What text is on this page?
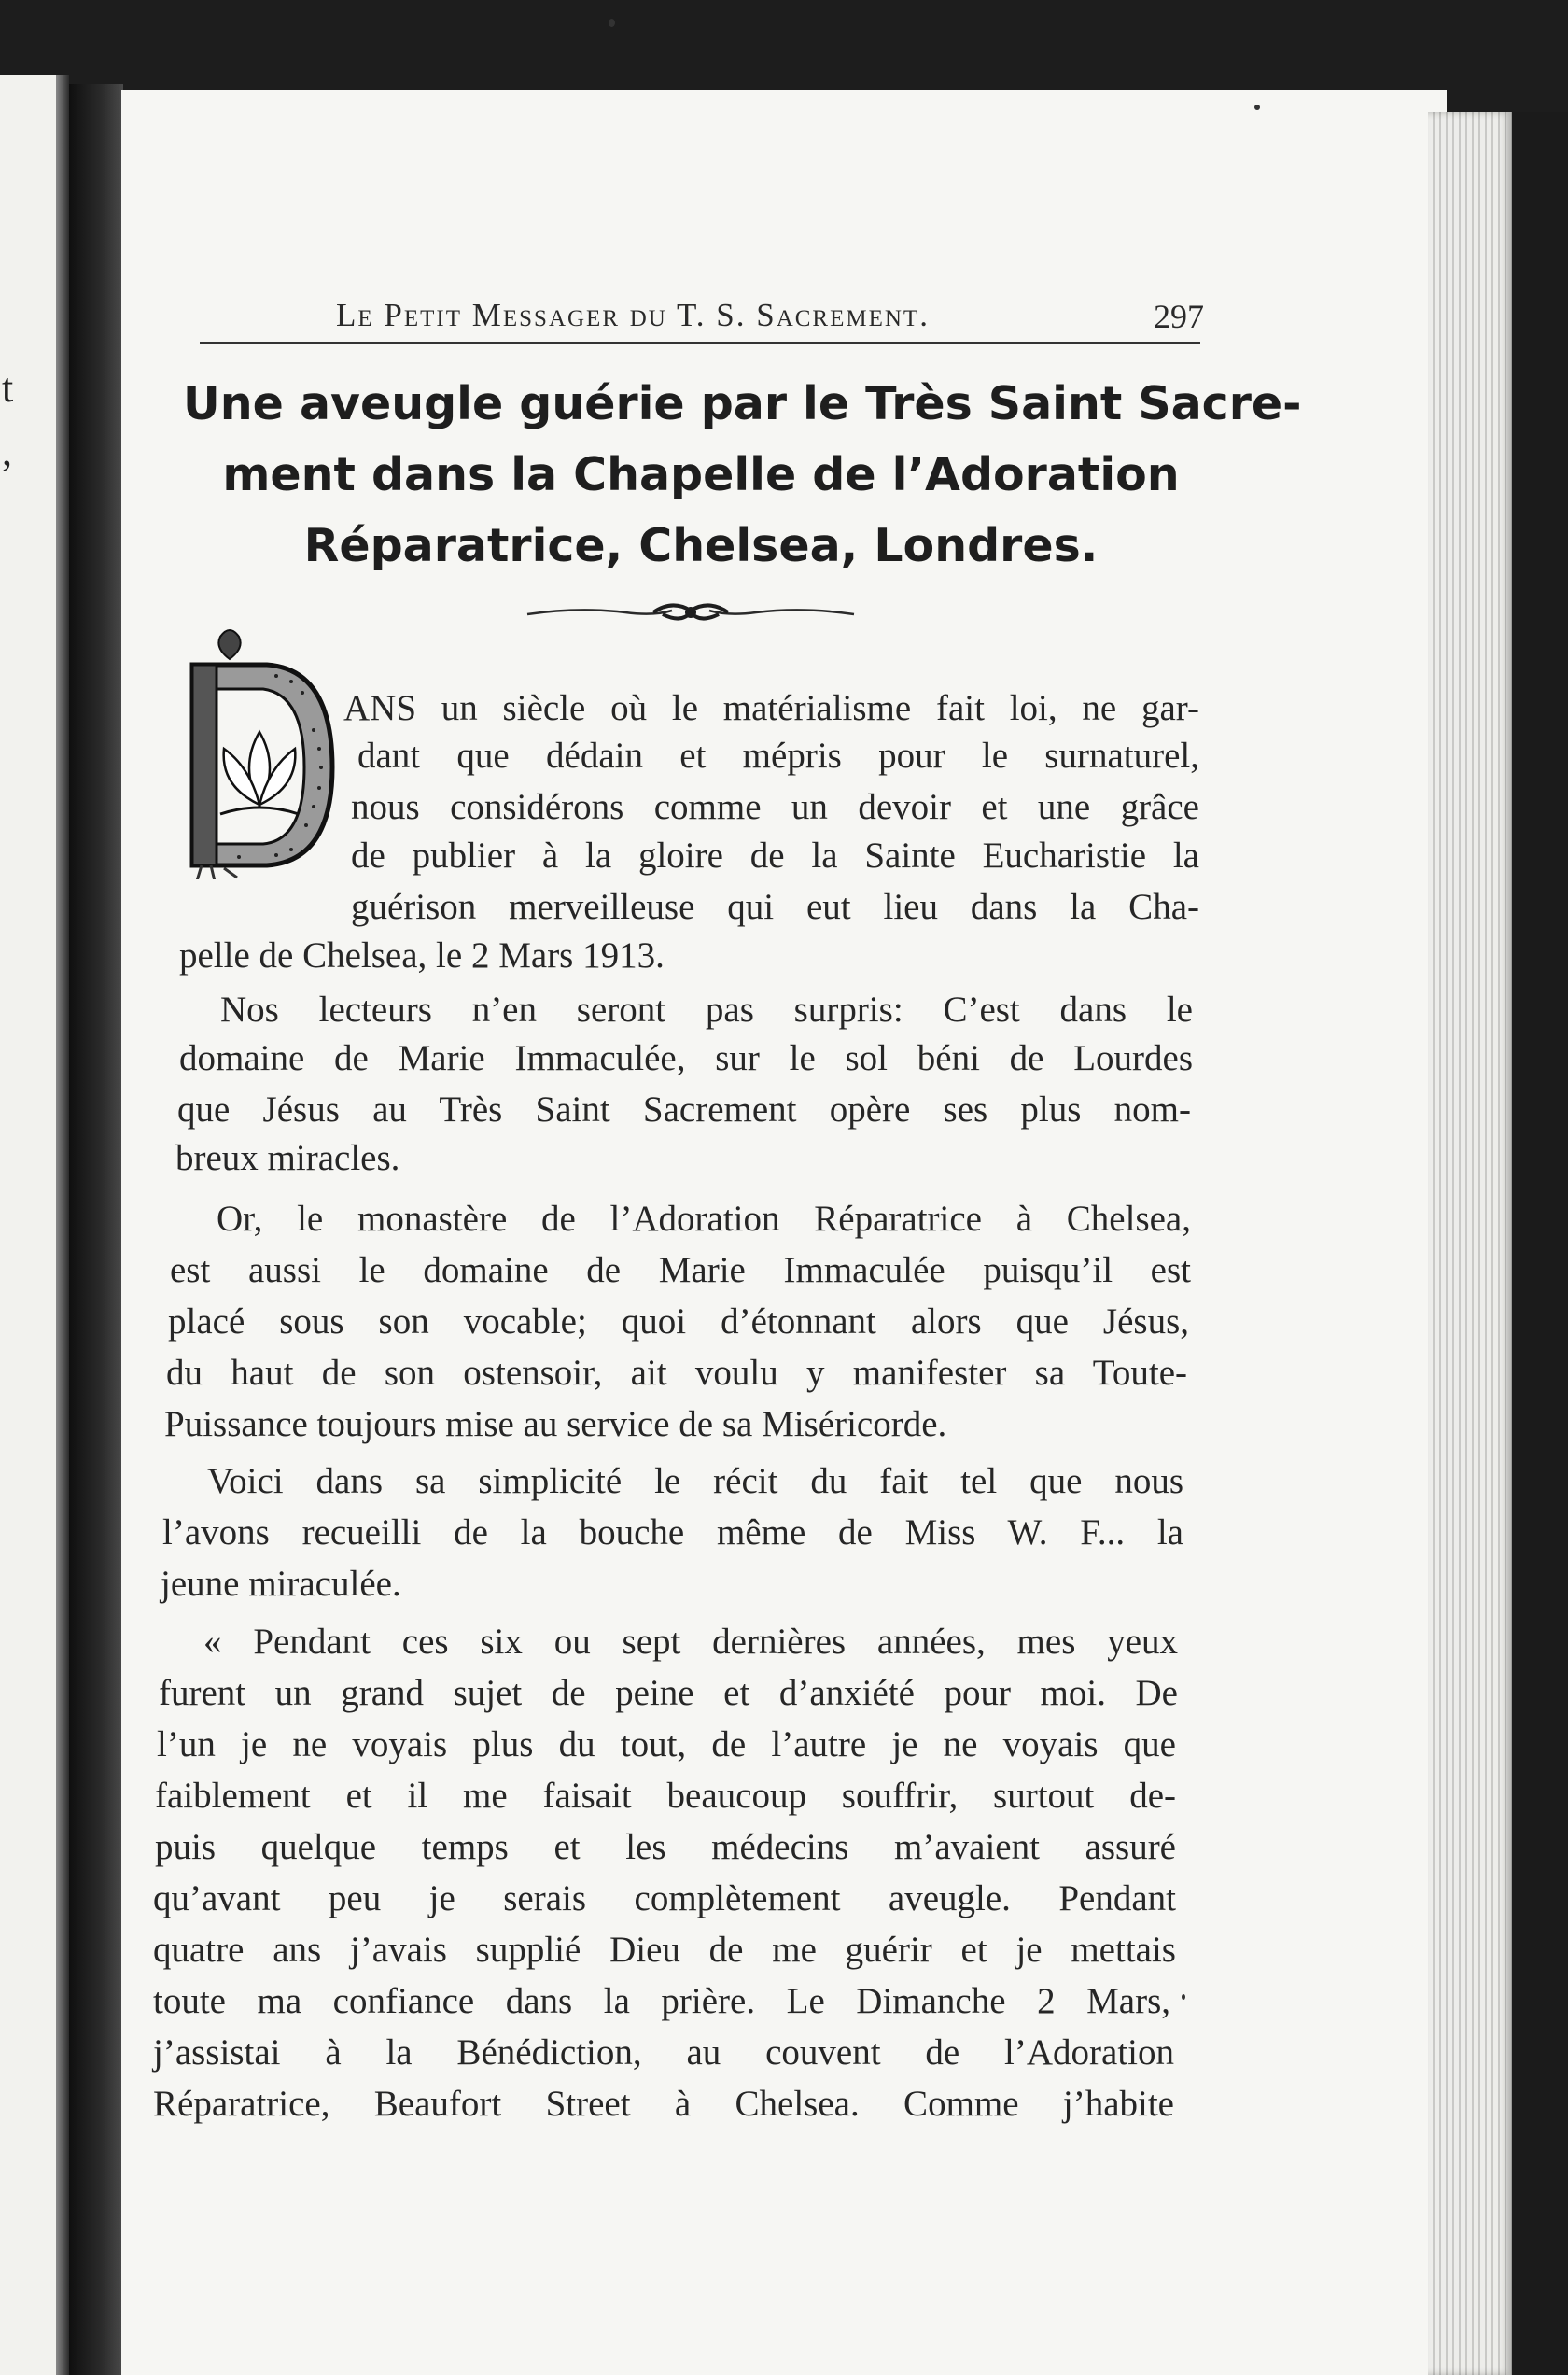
t
,
Le Petit Messager du T. S. Sacrement.	297
Une aveugle guérie par le Très Saint Sacre-
ment dans la Chapelle de l’Adoration
Réparatrice, Chelsea, Londres.
ANS un siècle où le matérialisme fait loi, ne gar-
dant que dédain et mépris pour le surnaturel,
nous considérons comme un devoir et une grâce
de publier à la gloire de la Sainte Eucharistie la
guérison merveilleuse qui eut lieu dans la Cha-
pelle de Chelsea, le 2 Mars 1913.
Nos lecteurs n’en seront pas surpris: C’est dans le
domaine de Marie Immaculée, sur le sol béni de Lourdes
que Jésus au Très Saint Sacrement opère ses plus nom-
breux miracles.
Or, le monastère de l’Adoration Réparatrice à Chelsea,
est aussi le domaine de Marie Immaculée puisqu’il est
placé sous son vocable; quoi d’étonnant alors que Jésus,
du haut de son ostensoir, ait voulu y manifester sa Toute-
Puissance toujours mise au service de sa Miséricorde.
Voici dans sa simplicité le récit du fait tel que nous
l’avons recueilli de la bouche même de Miss W. F... la
jeune miraculée.
« Pendant ces six ou sept dernières années, mes yeux
furent un grand sujet de peine et d’anxiété pour moi. De
l’un je ne voyais plus du tout, de l’autre je ne voyais que
faiblement et il me faisait beaucoup souffrir, surtout de-
puis quelque temps et les médecins m’avaient assuré
qu’avant peu je serais complètement aveugle. Pendant
quatre ans j’avais supplié Dieu de me guérir et je mettais
toute ma confiance dans la prière. Le Dimanche 2 Mars,
j’assistai à la Bénédiction, au couvent de l’Adoration
Réparatrice, Beaufort Street à Chelsea. Comme j’habite
